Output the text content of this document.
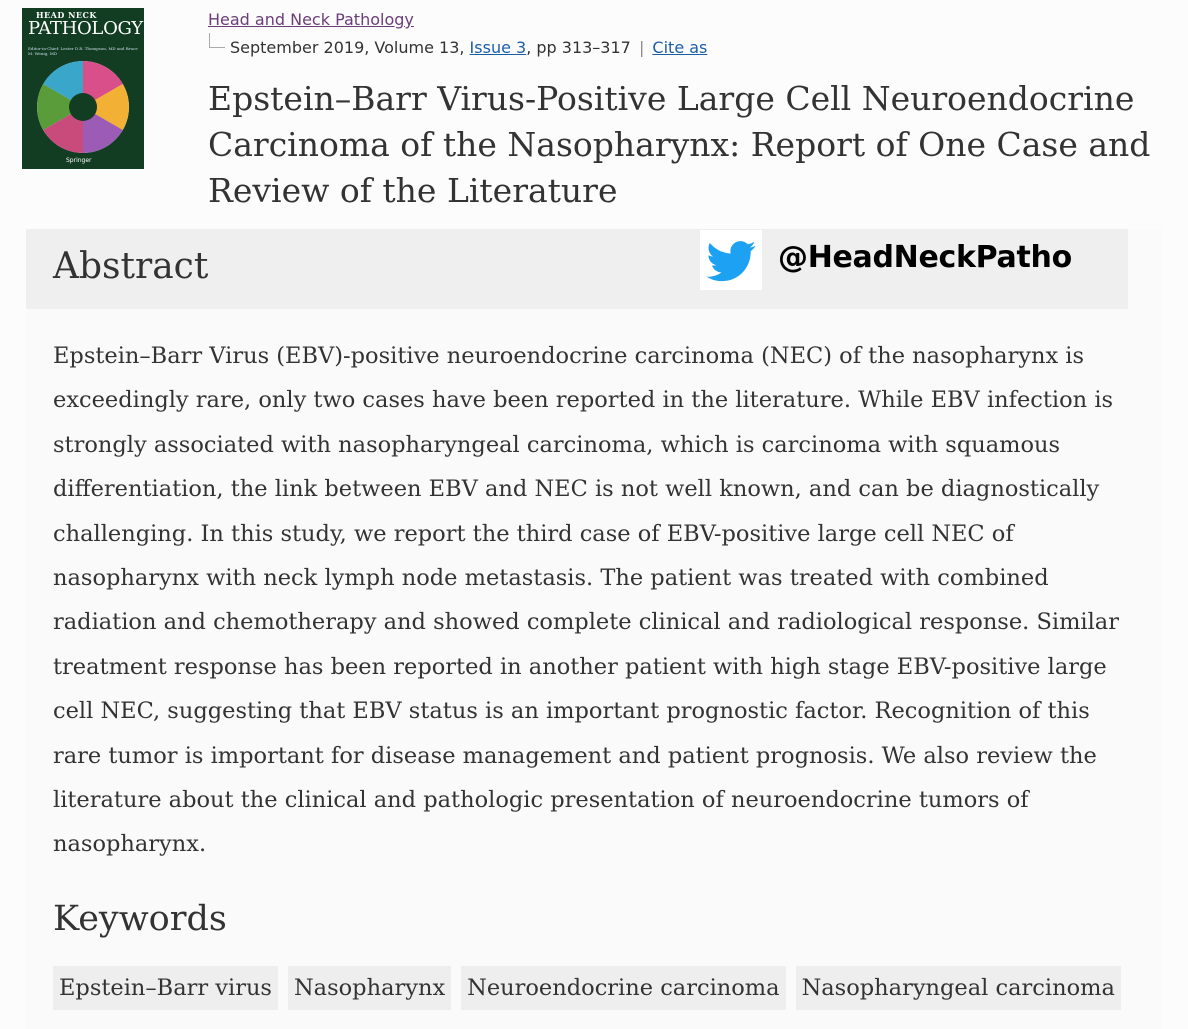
HEAD NECK
PATHOLOGY
Editor-in-Chief: Lester D.R. Thompson, MD and Bruce M. Wenig, MD
Springer
Head and Neck Pathology
September 2019, Volume 13, Issue 3, pp 313–317 | Cite as
Epstein–Barr Virus-Positive Large Cell Neuroendocrine Carcinoma of the Nasopharynx: Report of One Case and Review of the Literature
Abstract	@HeadNeckPatho

Epstein–Barr Virus (EBV)-positive neuroendocrine carcinoma (NEC) of the nasopharynx is exceedingly rare, only two cases have been reported in the literature. While EBV infection is strongly associated with nasopharyngeal carcinoma, which is carcinoma with squamous differentiation, the link between EBV and NEC is not well known, and can be diagnostically challenging. In this study, we report the third case of EBV-positive large cell NEC of nasopharynx with neck lymph node metastasis. The patient was treated with combined radiation and chemotherapy and showed complete clinical and radiological response. Similar treatment response has been reported in another patient with high stage EBV-positive large cell NEC, suggesting that EBV status is an important prognostic factor. Recognition of this rare tumor is important for disease management and patient prognosis. We also review the literature about the clinical and pathologic presentation of neuroendocrine tumors of nasopharynx.

Keywords
Epstein–Barr virus Nasopharynx Neuroendocrine carcinoma Nasopharyngeal carcinoma
